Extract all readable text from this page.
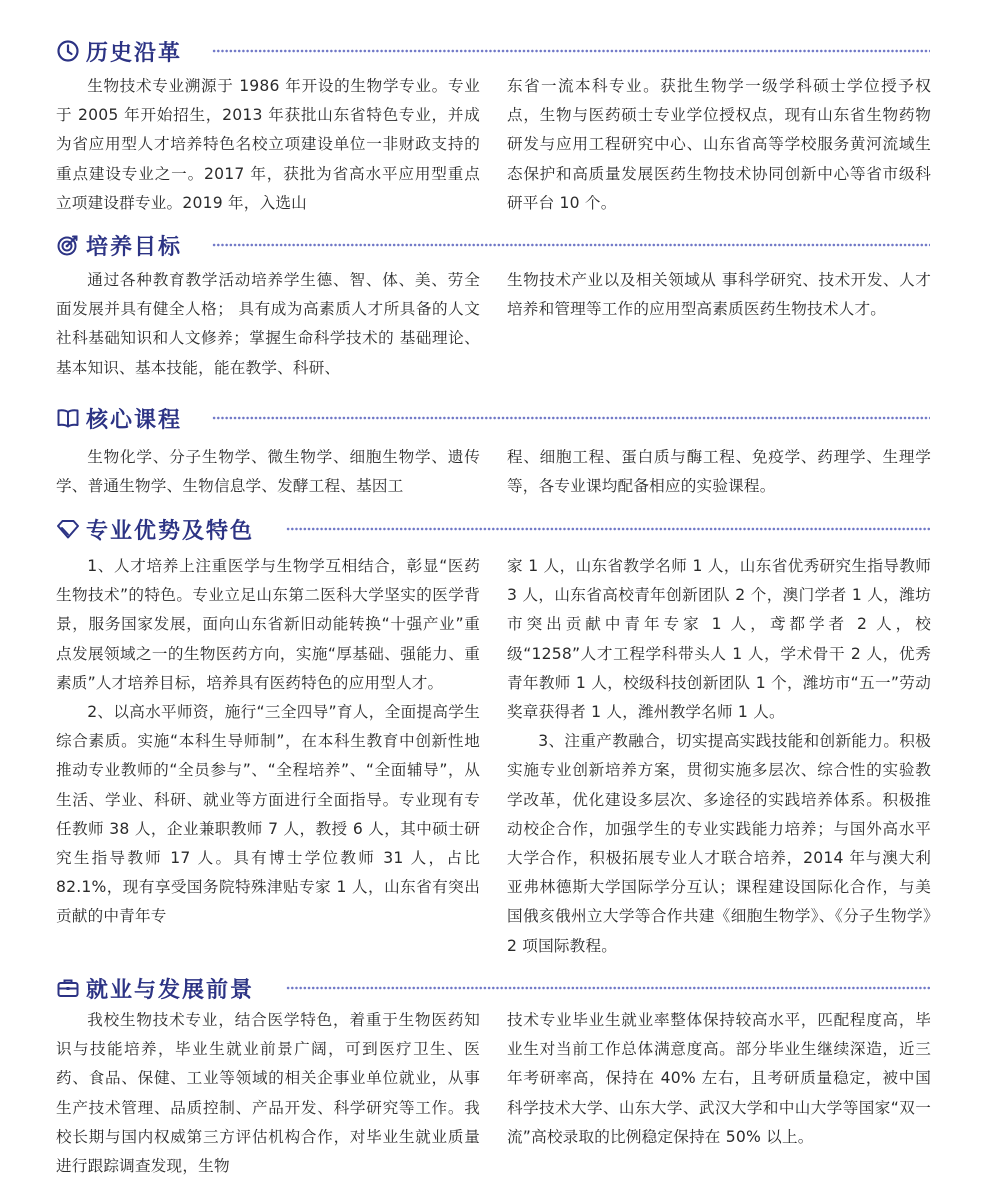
历史沿革

生物技术专业溯源于 1986 年开设的生物学专业。专业于 2005 年开始招生，2013 年获批山东省特色专业，并成为省应用型人才培养特色名校立项建设单位一非财政支持的重点建设专业之一。2017 年，获批为省高水平应用型重点立项建设群专业。2019 年，入选山

东省一流本科专业。获批生物学一级学科硕士学位授予权点，生物与医药硕士专业学位授权点，现有山东省生物药物研发与应用工程研究中心、山东省高等学校服务黄河流域生态保护和高质量发展医药生物技术协同创新中心等省市级科研平台 10 个。

培养目标

通过各种教育教学活动培养学生德、智、体、美、劳全面发展并具有健全人格； 具有成为高素质人才所具备的人文社科基础知识和人文修养；掌握生命科学技术的 基础理论、基本知识、基本技能，能在教学、科研、

生物技术产业以及相关领域从 事科学研究、技术开发、人才培养和管理等工作的应用型高素质医药生物技术人才。

核心课程

生物化学、分子生物学、微生物学、细胞生物学、遗传学、普通生物学、生物信息学、发酵工程、基因工

程、细胞工程、蛋白质与酶工程、免疫学、药理学、生理学等，各专业课均配备相应的实验课程。

专业优势及特色

1、人才培养上注重医学与生物学互相结合，彰显“医药生物技术”的特色。专业立足山东第二医科大学坚实的医学背景，服务国家发展，面向山东省新旧动能转换“十强产业”重点发展领域之一的生物医药方向，实施“厚基础、强能力、重素质”人才培养目标，培养具有医药特色的应用型人才。

2、以高水平师资，施行“三全四导”育人，全面提高学生综合素质。实施“本科生导师制”，在本科生教育中创新性地推动专业教师的“全员参与”、“全程培养”、“全面辅导”，从生活、学业、科研、就业等方面进行全面指导。专业现有专任教师 38 人，企业兼职教师 7 人，教授 6 人，其中硕士研究生指导教师 17 人。具有博士学位教师 31 人，占比 82.1%，现有享受国务院特殊津贴专家 1 人，山东省有突出贡献的中青年专

家 1 人，山东省教学名师 1 人，山东省优秀研究生指导教师 3 人，山东省高校青年创新团队 2 个，澳门学者 1 人，潍坊市突出贡献中青年专家 1 人，鸢都学者 2 人，校级“1258”人才工程学科带头人 1 人，学术骨干 2 人，优秀青年教师 1 人，校级科技创新团队 1 个，潍坊市“五一”劳动奖章获得者 1 人，潍州教学名师 1 人。

3、注重产教融合，切实提高实践技能和创新能力。积极实施专业创新培养方案，贯彻实施多层次、综合性的实验教学改革，优化建设多层次、多途径的实践培养体系。积极推动校企合作，加强学生的专业实践能力培养；与国外高水平大学合作，积极拓展专业人才联合培养，2014 年与澳大利亚弗林德斯大学国际学分互认；课程建设国际化合作，与美国俄亥俄州立大学等合作共建《细胞生物学》、《分子生物学》2 项国际教程。

就业与发展前景

我校生物技术专业，结合医学特色，着重于生物医药知识与技能培养，毕业生就业前景广阔，可到医疗卫生、医药、食品、保健、工业等领域的相关企事业单位就业，从事生产技术管理、品质控制、产品开发、科学研究等工作。我校长期与国内权威第三方评估机构合作，对毕业生就业质量进行跟踪调查发现，生物

技术专业毕业生就业率整体保持较高水平，匹配程度高，毕业生对当前工作总体满意度高。部分毕业生继续深造，近三年考研率高，保持在 40% 左右，且考研质量稳定，被中国科学技术大学、山东大学、武汉大学和中山大学等国家“双一流”高校录取的比例稳定保持在 50% 以上。
